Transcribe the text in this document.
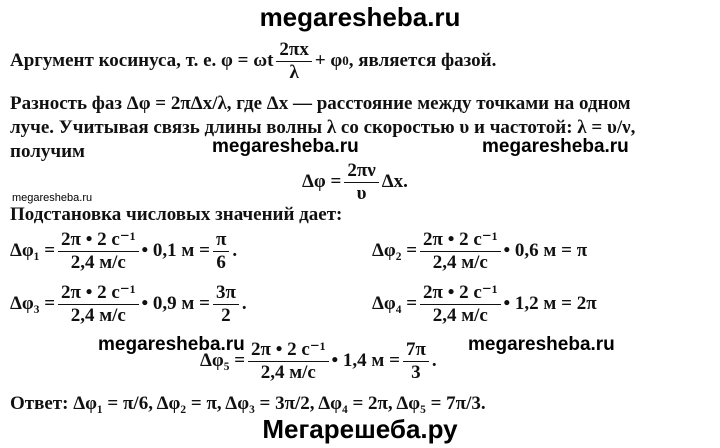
megaresheba.ru
Аргумент косинуса, т. е. φ = ωt $\frac{2\pi x}{\lambda} + \varphi$ 0 , является фазой.
Разность фаз Δφ = 2πΔx/λ, где Δx — расстояние между точками на одном
луче. Учитывая связь длины волны λ со скоростью υ и частотой: λ = υ/ν,
получим	megaresheba.ru	megaresheba.ru
$\Delta\varphi = \frac{2\pi\nu}{\upsilon} \Delta x$.
megaresheba.ru
Подстановка числовых значений дает:
$\Delta\varphi_1 = \frac{\text{2π • 2 с⁻¹}}{2,4 м/с}$ • 0,1 $м = \frac{\pi}{6}$ .	$\Delta\varphi_2 = \frac{\text{2π • 2 с⁻¹}}{2,4 м/с}$ • 0,6 м = π
$\Delta\varphi_3 = \frac{\text{2π • 2 с⁻¹}}{2,4 м/с}$ • 0,9 $м = \frac{3\pi}{2}$ .	$\Delta\varphi_4 = \frac{\text{2π • 2 с⁻¹}}{2,4 м/с}$ • 1,2 м = 2π
megaresheba.ru	megaresheba.ru
$\Delta\varphi_5 = \frac{\text{2π • 2 с⁻¹}}{2,4 м/с}$ • 1,4 $м = \frac{7\pi}{3}$ .
Ответ: Δφ₁ = π/6, Δφ₂ = π, Δφ₃ = 3π/2, Δφ₄ = 2π, Δφ₅ = 7π/3.
Мегарешеба.ру
